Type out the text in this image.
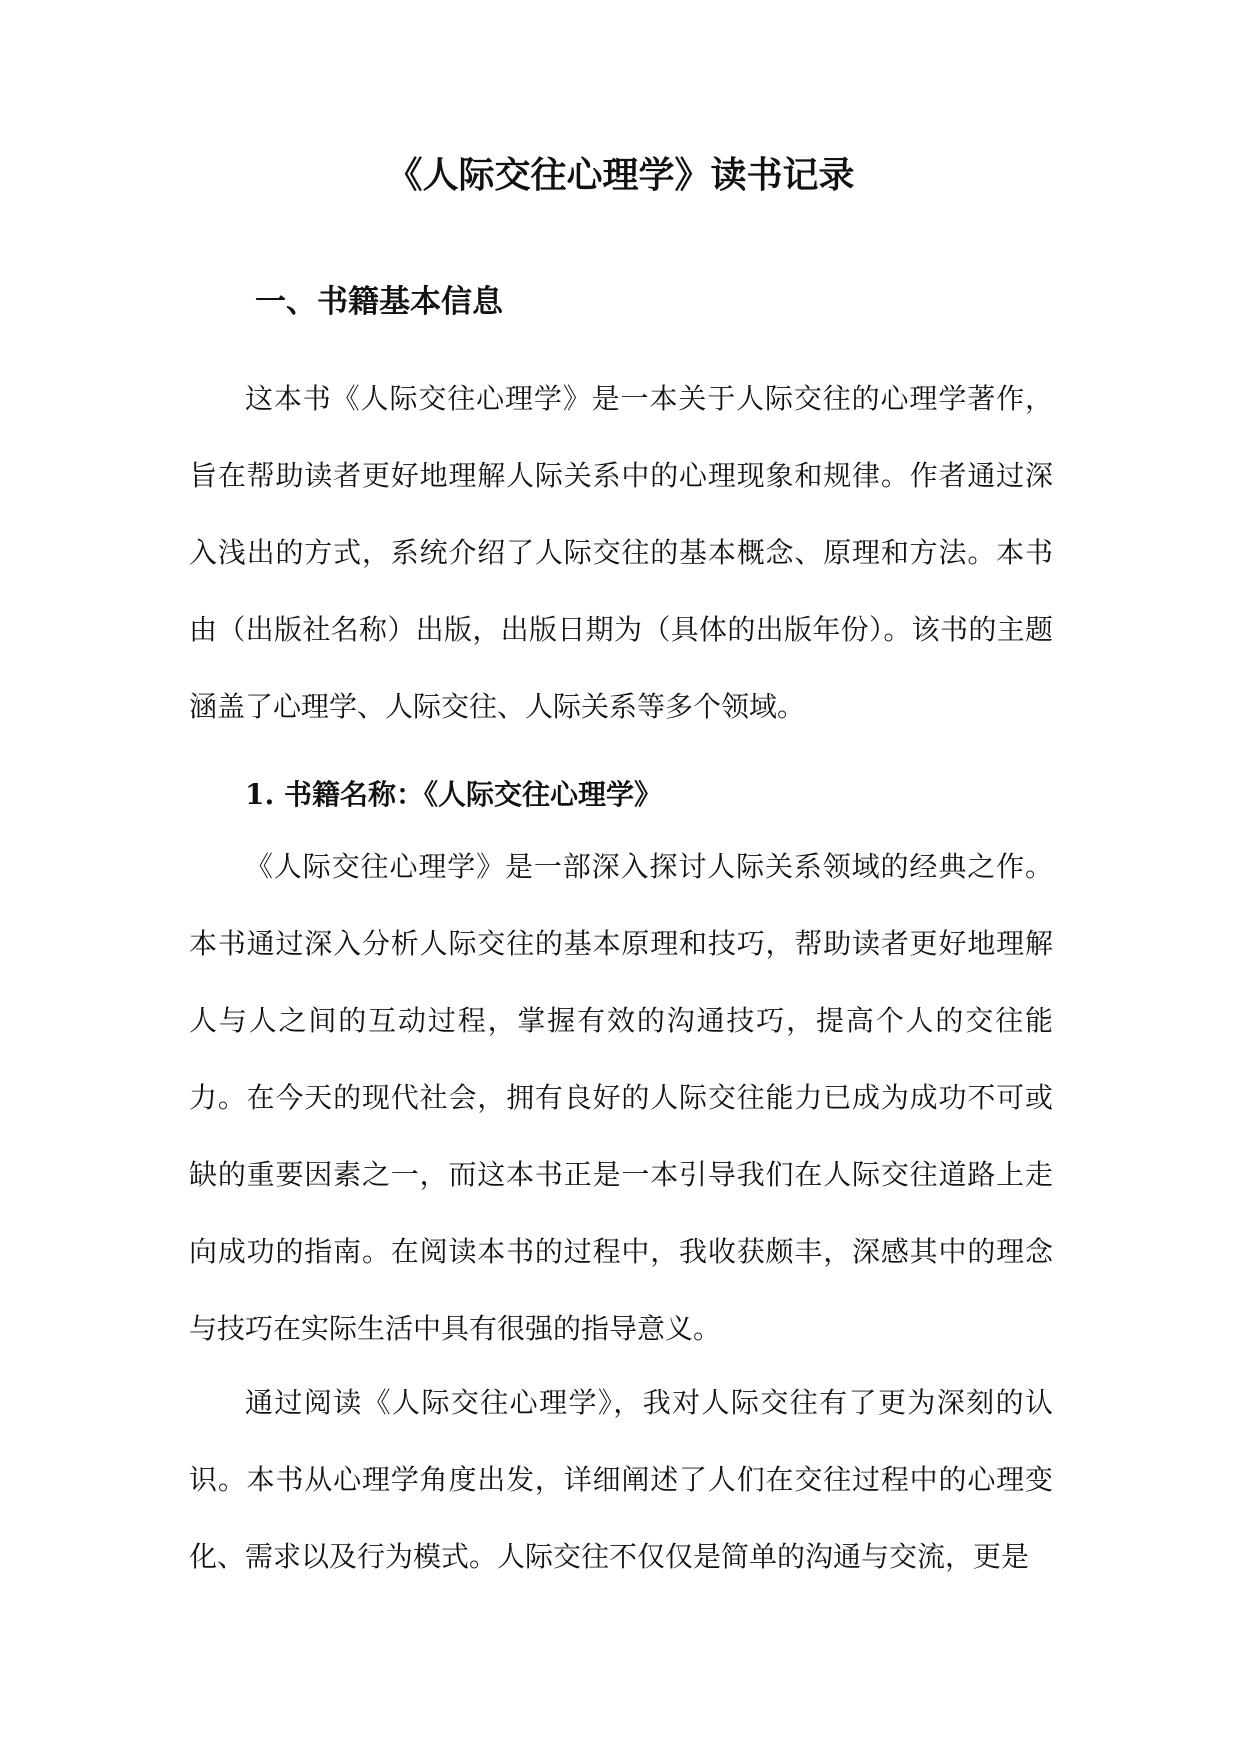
《人际交往心理学》读书记录
一、书籍基本信息

这本书《人际交往心理学》是一本关于人际交往的心理学著作，旨在帮助读者更好地理解人际关系中的心理现象和规律。作者通过深入浅出的方式，系统介绍了人际交往的基本概念、原理和方法。本书由（出版社名称）出版，出版日期为（具体的出版年份）。该书的主题涵盖了心理学、人际交往、人际关系等多个领域。

1. 书籍名称：《人际交往心理学》

《人际交往心理学》是一部深入探讨人际关系领域的经典之作。本书通过深入分析人际交往的基本原理和技巧，帮助读者更好地理解人与人之间的互动过程，掌握有效的沟通技巧，提高个人的交往能力。在今天的现代社会，拥有良好的人际交往能力已成为成功不可或缺的重要因素之一，而这本书正是一本引导我们在人际交往道路上走向成功的指南。在阅读本书的过程中，我收获颇丰，深感其中的理念与技巧在实际生活中具有很强的指导意义。

通过阅读《人际交往心理学》，我对人际交往有了更为深刻的认识。本书从心理学角度出发，详细阐述了人们在交往过程中的心理变化、需求以及行为模式。人际交往不仅仅是简单的沟通与交流，更是
